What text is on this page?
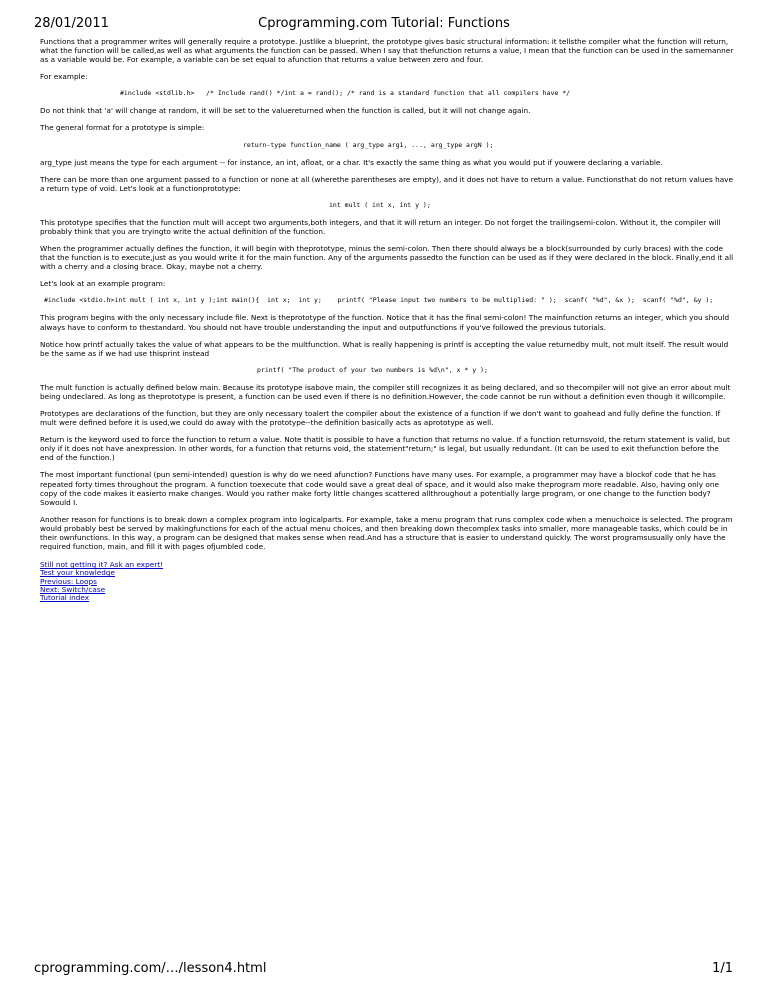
28/01/2011	Cprogramming.com Tutorial: Functions

Functions that a programmer writes will generally require a prototype. Justlike a blueprint, the prototype gives basic structural information: it tellsthe compiler what the function will return, what the function will be called,as well as what arguments the function can be passed. When I say that thefunction returns a value, I mean that the function can be used in the samemanner as a variable would be. For example, a variable can be set equal to afunction that returns a value between zero and four.

For example:

#include <stdlib.h>   /* Include rand() */int a = rand(); /* rand is a standard function that all compilers have */

Do not think that 'a' will change at random, it will be set to the valuereturned when the function is called, but it will not change again.

The general format for a prototype is simple:

return-type function_name ( arg_type arg1, ..., arg_type argN );

arg_type just means the type for each argument -- for instance, an int, afloat, or a char. It's exactly the same thing as what you would put if youwere declaring a variable.

There can be more than one argument passed to a function or none at all (wherethe parentheses are empty), and it does not have to return a value. Functionsthat do not return values have a return type of void. Let's look at a functionprototype:

int mult ( int x, int y );

This prototype specifies that the function mult will accept two arguments,both integers, and that it will return an integer. Do not forget the trailingsemi-colon. Without it, the compiler will probably think that you are tryingto write the actual definition of the function.

When the programmer actually defines the function, it will begin with theprototype, minus the semi-colon. Then there should always be a block(surrounded by curly braces) with the code that the function is to execute,just as you would write it for the main function. Any of the arguments passedto the function can be used as if they were declared in the block. Finally,end it all with a cherry and a closing brace. Okay, maybe not a cherry.

Let's look at an example program:

#include <stdio.h>int mult ( int x, int y );int main(){  int x;  int y;    printf( "Please input two numbers to be multiplied: " );  scanf( "%d", &x );  scanf( "%d", &y );

This program begins with the only necessary include file. Next is theprototype of the function. Notice that it has the final semi-colon! The mainfunction returns an integer, which you should always have to conform to thestandard. You should not have trouble understanding the input and outputfunctions if you've followed the previous tutorials.

Notice how printf actually takes the value of what appears to be the multfunction. What is really happening is printf is accepting the value returnedby mult, not mult itself. The result would be the same as if we had use thisprint instead

printf( "The product of your two numbers is %d\n", x * y );

The mult function is actually defined below main. Because its prototype isabove main, the compiler still recognizes it as being declared, and so thecompiler will not give an error about mult being undeclared. As long as theprototype is present, a function can be used even if there is no definition.However, the code cannot be run without a definition even though it willcompile.

Prototypes are declarations of the function, but they are only necessary toalert the compiler about the existence of a function if we don't want to goahead and fully define the function. If mult were defined before it is used,we could do away with the prototype--the definition basically acts as aprototype as well.

Return is the keyword used to force the function to return a value. Note thatit is possible to have a function that returns no value. If a function returnsvoid, the return statement is valid, but only if it does not have anexpression. In other words, for a function that returns void, the statement"return;" is legal, but usually redundant. (It can be used to exit thefunction before the end of the function.)

The most important functional (pun semi-intended) question is why do we need afunction? Functions have many uses. For example, a programmer may have a blockof code that he has repeated forty times throughout the program. A function toexecute that code would save a great deal of space, and it would also make theprogram more readable. Also, having only one copy of the code makes it easierto make changes. Would you rather make forty little changes scattered allthroughout a potentially large program, or one change to the function body? Sowould I.

Another reason for functions is to break down a complex program into logicalparts. For example, take a menu program that runs complex code when a menuchoice is selected. The program would probably best be served by makingfunctions for each of the actual menu choices, and then breaking down thecomplex tasks into smaller, more manageable tasks, which could be in their ownfunctions. In this way, a program can be designed that makes sense when read.And has a structure that is easier to understand quickly. The worst programsusually only have the required function, main, and fill it with pages ofjumbled code.

Still not getting it? Ask an expert!
Test your knowledge
Previous: Loops
Next: Switch/case
Tutorial index
cprogramming.com/…/lesson4.html	1/1
